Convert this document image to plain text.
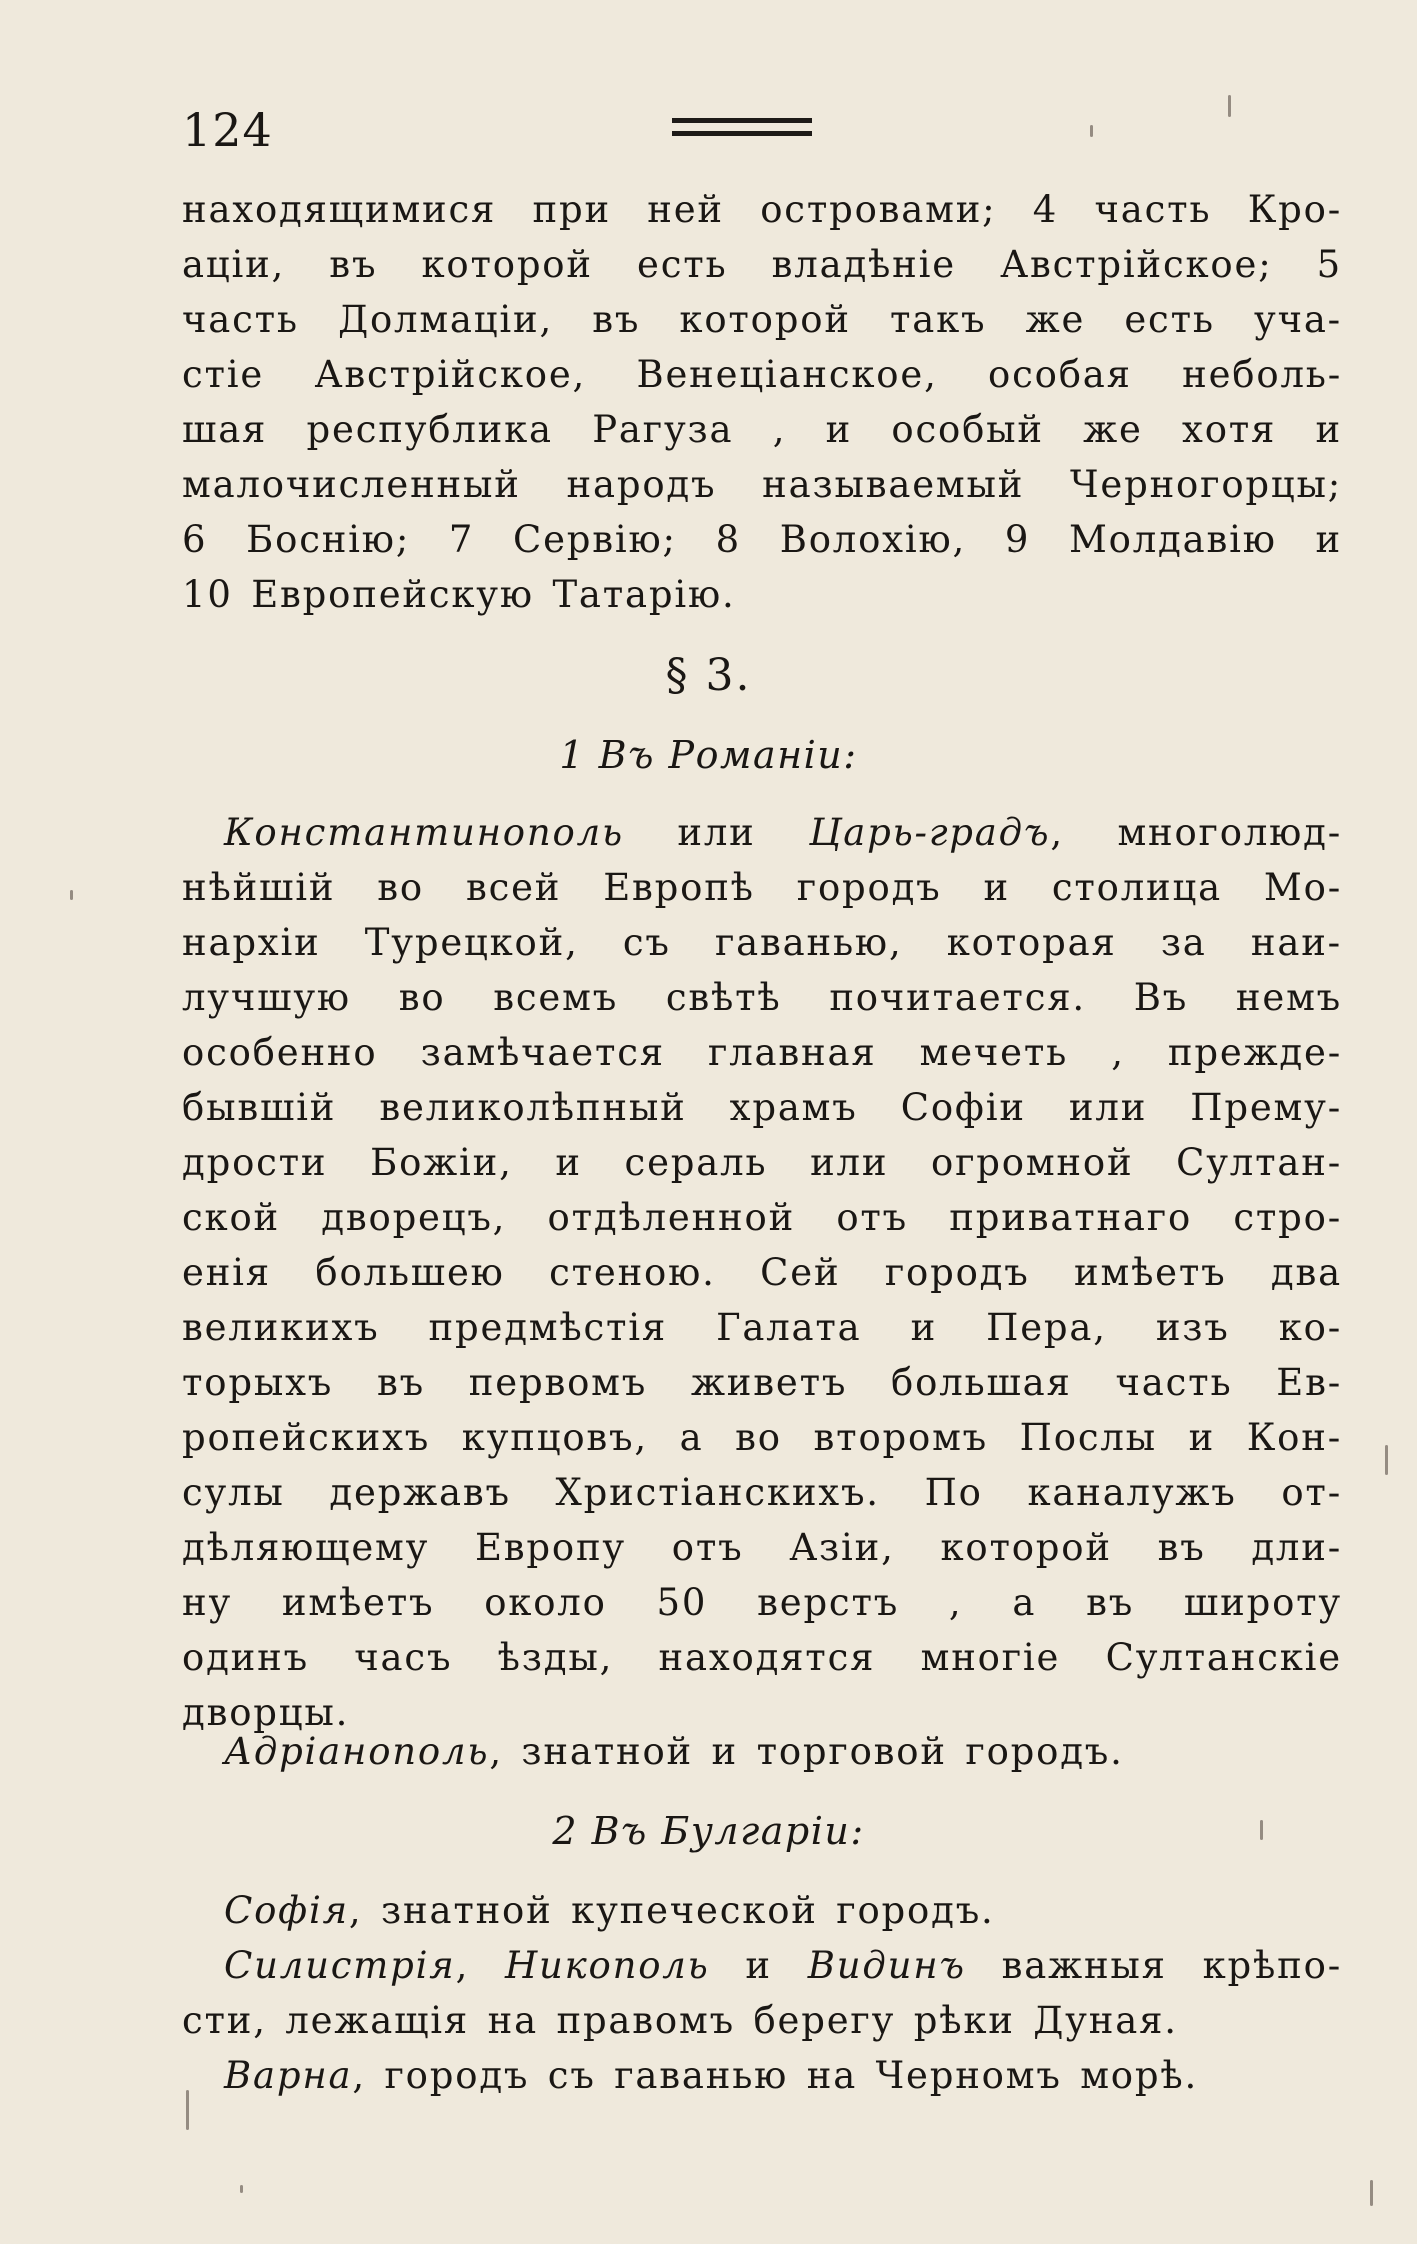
124
находящимися при ней островами; 4 часть Кро-
аціи, въ которой есть владѣніе Австрійское; 5
часть Долмаціи, въ которой такъ же есть уча-
стіе Австрійское, Венеціанское, особая неболь-
шая республика Рагуза , и особый же хотя и
малочисленный народъ называемый Черногорцы;
6 Боснію; 7 Сервію; 8 Волохію, 9 Молдавію и
10 Европейскую Татарію.
§ 3.
1 Въ Романіи:
Константинополь или Царь-градъ, многолюд-
нѣйшій во всей Европѣ городъ и столица Мо-
нархіи Турецкой, съ гаванью, которая за наи-
лучшую во всемъ свѣтѣ почитается. Въ немъ
особенно замѣчается главная мечеть , прежде-
бывшій великолѣпный храмъ Софіи или Прему-
дрости Божіи, и сераль или огромной Султан-
ской дворецъ, отдѣленной отъ приватнаго стро-
енія большею стеною. Сей городъ имѣетъ два
великихъ предмѣстія Галата и Пера, изъ ко-
торыхъ въ первомъ живетъ большая часть Ев-
ропейскихъ купцовъ, а во второмъ Послы и Кон-
сулы державъ Христіанскихъ. По каналужъ от-
дѣляющему Европу отъ Азіи, которой въ дли-
ну имѣетъ около 50 верстъ , а въ широту
одинъ часъ ѣзды, находятся многіе Султанскіе
дворцы.
Адріанополь, знатной и торговой городъ.
2 Въ Булгаріи:
Софія, знатной купеческой городъ.
Силистрія, Никополь и Видинъ важныя крѣпо-
сти, лежащія на правомъ берегу рѣки Дуная.
Варна, городъ съ гаванью на Черномъ морѣ.
